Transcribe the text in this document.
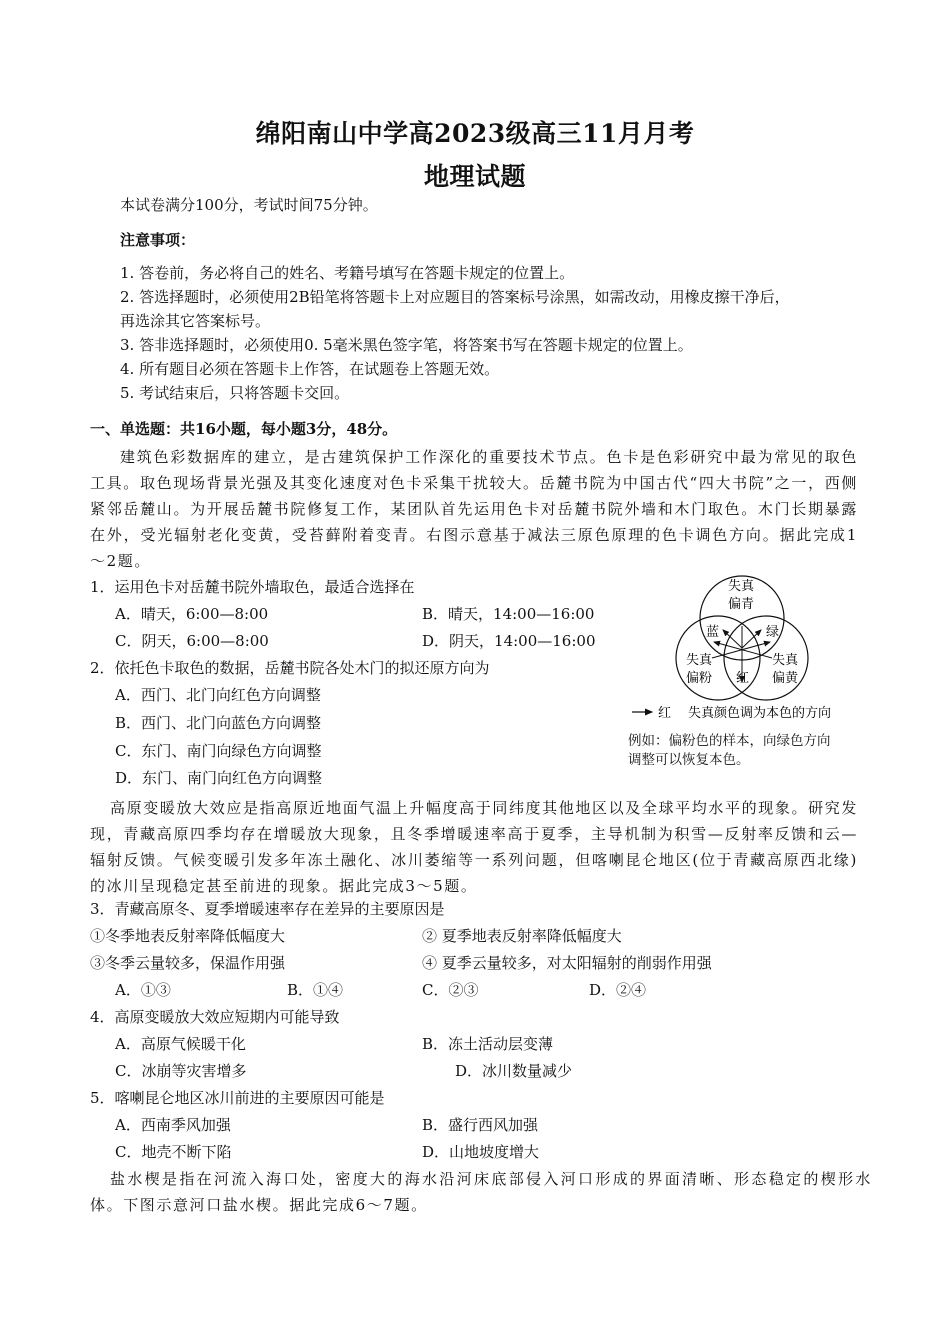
绵阳南山中学高2023级高三11月月考
地理试题
本试卷满分100分，考试时间75分钟。
注意事项：
1. 答卷前，务必将自己的姓名、考籍号填写在答题卡规定的位置上。
2. 答选择题时，必须使用2B铅笔将答题卡上对应题目的答案标号涂黑，如需改动，用橡皮擦干净后，
再选涂其它答案标号。
3. 答非选择题时，必须使用0. 5毫米黑色签字笔，将答案书写在答题卡规定的位置上。
4. 所有题目必须在答题卡上作答，在试题卷上答题无效。
5. 考试结束后，只将答题卡交回。
一、单选题：共16小题，每小题3分，48分。
建筑色彩数据库的建立，是古建筑保护工作深化的重要技术节点。色卡是色彩研究中最为常见的取色工具。取色现场背景光强及其变化速度对色卡采集干扰较大。岳麓书院为中国古代“四大书院”之一，西侧紧邻岳麓山。为开展岳麓书院修复工作，某团队首先运用色卡对岳麓书院外墙和木门取色。木门长期暴露在外，受光辐射老化变黄，受苔藓附着变青。右图示意基于减法三原色原理的色卡调色方向。据此完成1～2题。
1．运用色卡对岳麓书院外墙取色，最适合选择在
A．晴天，6:00—8:00	B．晴天，14:00—16:00
C．阴天，6:00—8:00	D．阴天，14:00—16:00
2．依托色卡取色的数据，岳麓书院各处木门的拟还原方向为
A．西门、北门向红色方向调整
B．西门、北门向蓝色方向调整
C．东门、南门向绿色方向调整
D．东门、南门向红色方向调整
失真
偏青
失真
偏粉
失真
偏黄
蓝	绿
红
红 失真颜色调为本色的方向
例如：偏粉色的样本，向绿色方向
调整可以恢复本色。
高原变暖放大效应是指高原近地面气温上升幅度高于同纬度其他地区以及全球平均水平的现象。研究发现，青藏高原四季均存在增暖放大现象，且冬季增暖速率高于夏季，主导机制为积雪—反射率反馈和云—辐射反馈。气候变暖引发多年冻土融化、冰川萎缩等一系列问题，但喀喇昆仑地区(位于青藏高原西北缘)的冰川呈现稳定甚至前进的现象。据此完成3～5题。
3．青藏高原冬、夏季增暖速率存在差异的主要原因是
①冬季地表反射率降低幅度大	② 夏季地表反射率降低幅度大
③冬季云量较多，保温作用强	④ 夏季云量较多，对太阳辐射的削弱作用强
A．①③	B．①④	C．②③	D．②④
4．高原变暖放大效应短期内可能导致
A．高原气候暖干化	B．冻土活动层变薄
C．冰崩等灾害增多	D．冰川数量减少
5．喀喇昆仑地区冰川前进的主要原因可能是
A．西南季风加强	B．盛行西风加强
C．地壳不断下陷	D．山地坡度增大
盐水楔是指在河流入海口处，密度大的海水沿河床底部侵入河口形成的界面清晰、形态稳定的楔形水体。下图示意河口盐水楔。据此完成6～7题。
